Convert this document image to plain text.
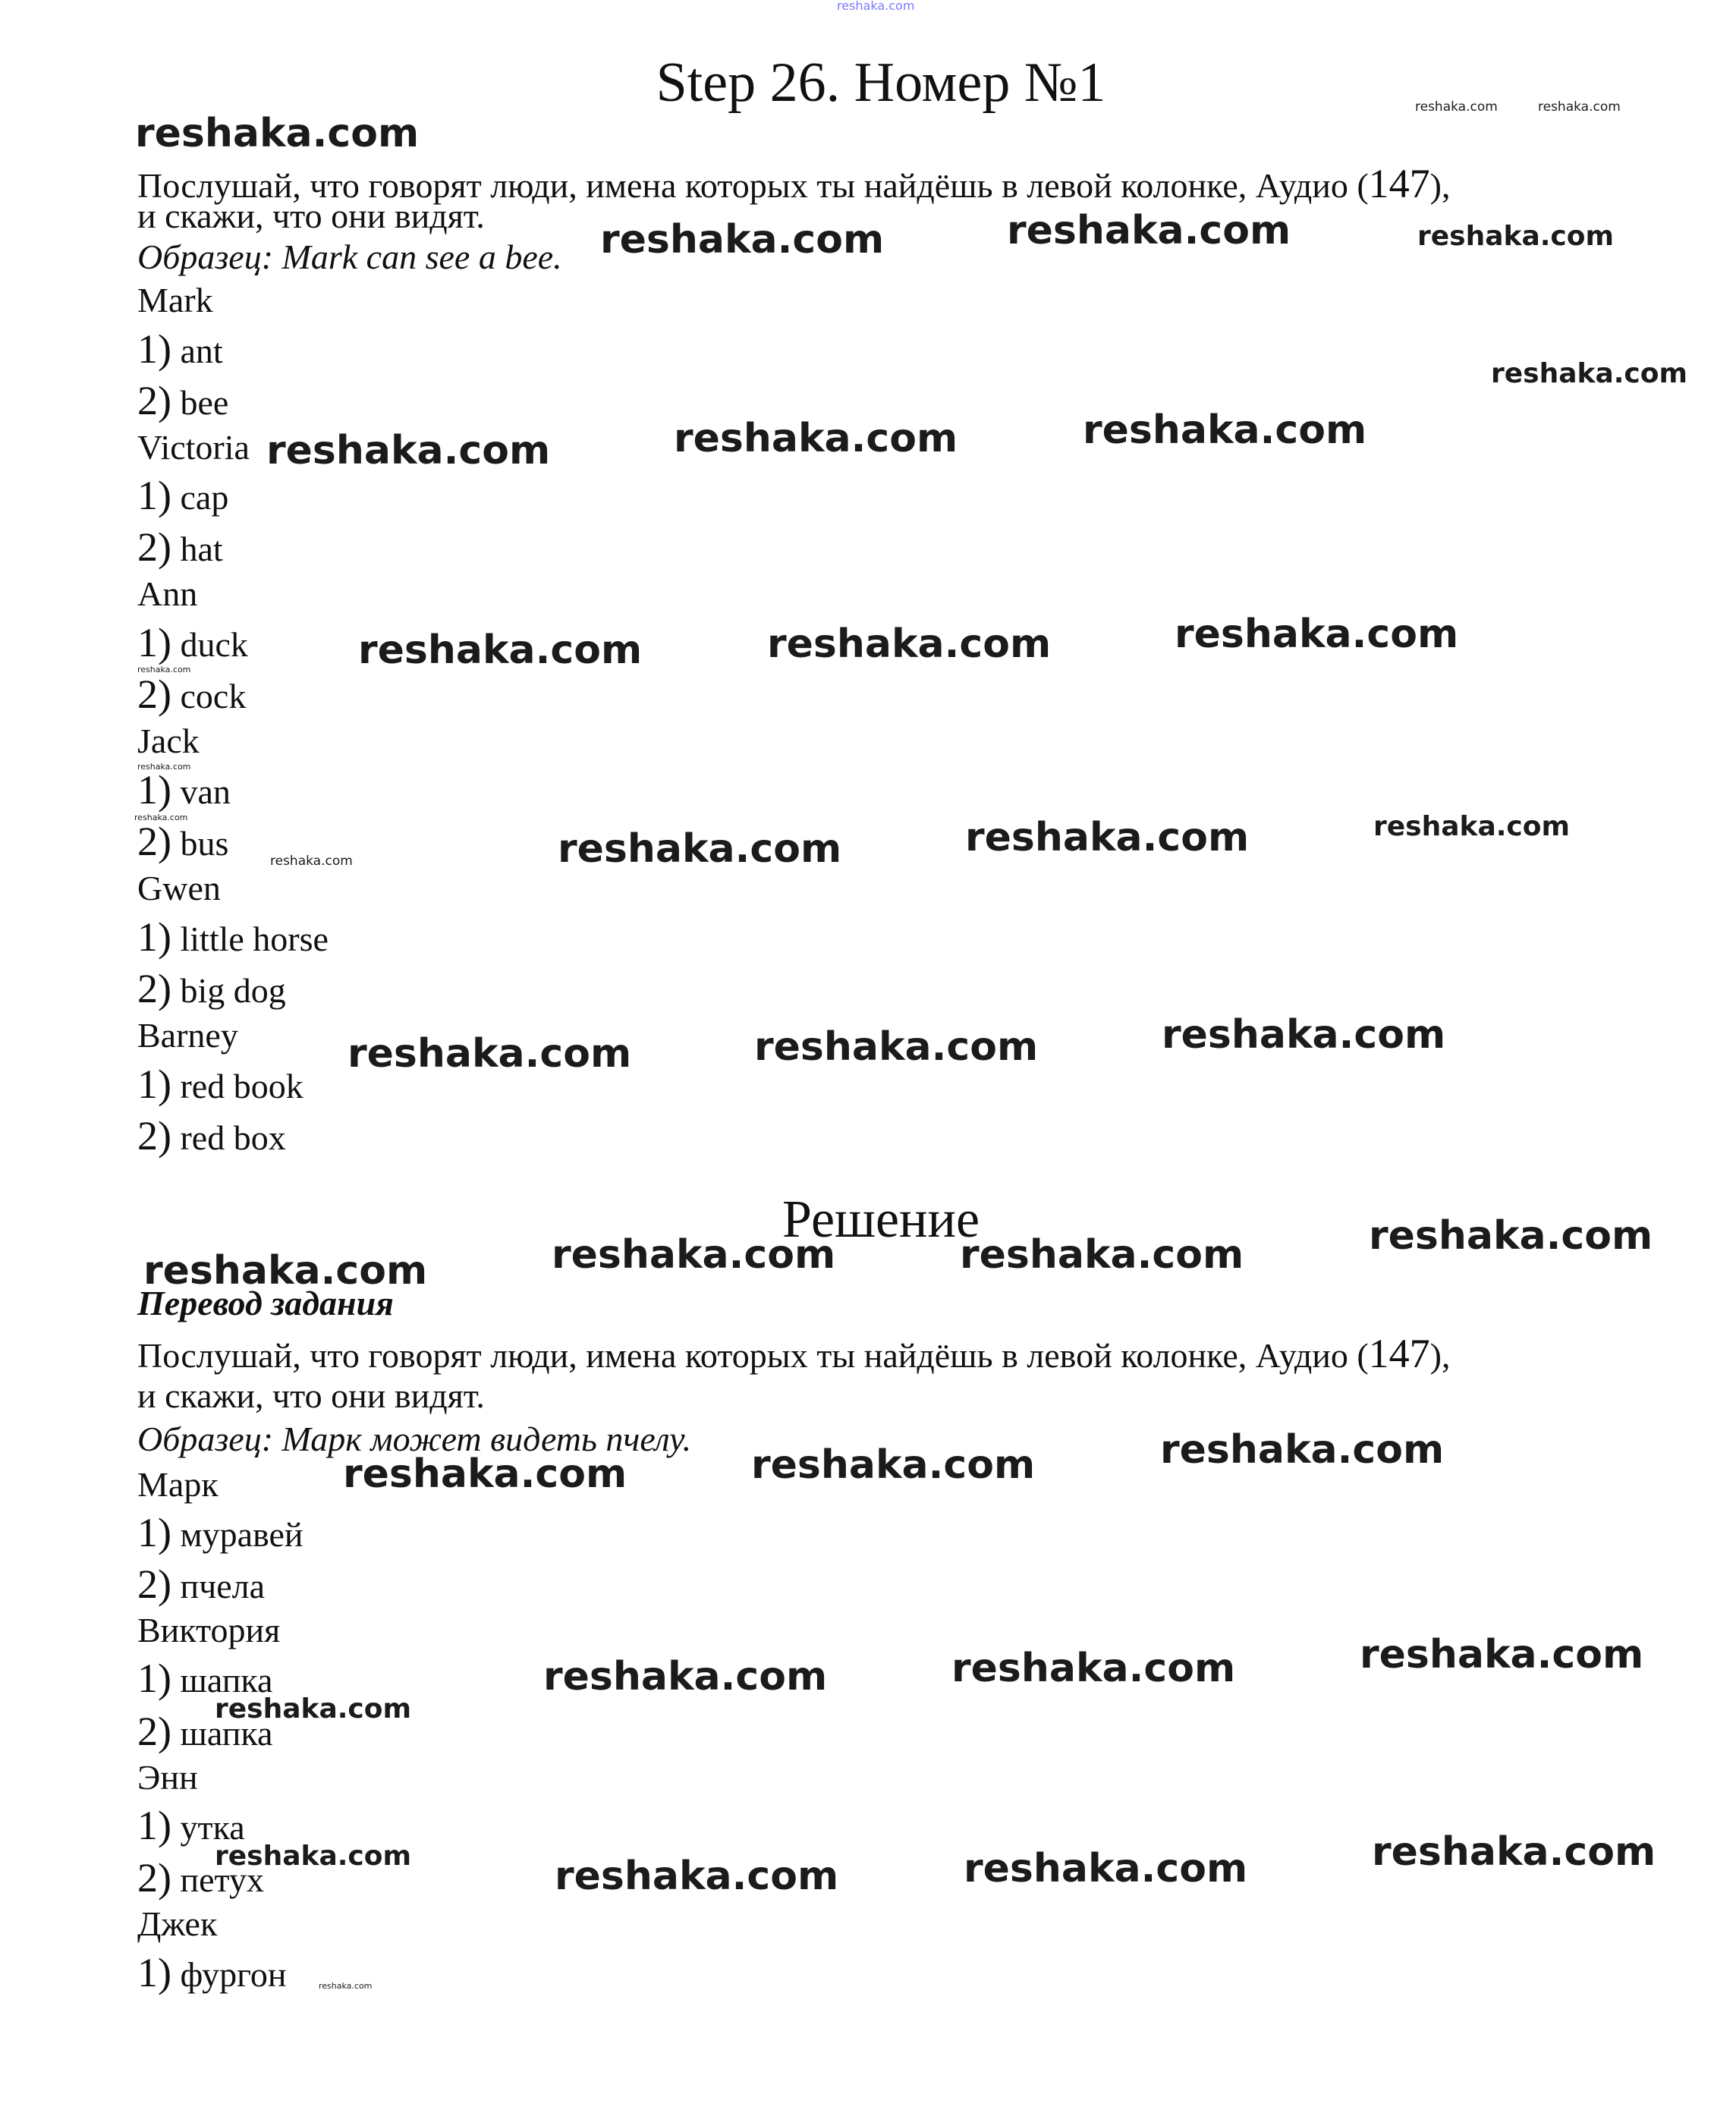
reshaka.com
Step 26. Номер №1
Послушай, что говорят люди, имена которых ты найдёшь в левой колонке, Аудио (147),
и скажи, что они видят.
Образец: Mark can see a bee.
Mark
1) ant
2) bee
Victoria
1) cap
2) hat
Ann
1) duck
2) cock
Jack
1) van
2) bus
Gwen
1) little horse
2) big dog
Barney
1) red book
2) red box
Решение
Перевод задания
Послушай, что говорят люди, имена которых ты найдёшь в левой колонке, Аудио (147),
и скажи, что они видят.
Образец: Марк может видеть пчелу.
Марк
1) муравей
2) пчела
Виктория
1) шапка
2) шапка
Энн
1) утка
2) петух
Джек
1) фургон
reshaka.com
reshaka.com	reshaka.com
reshaka.com	reshaka.com	reshaka.com
reshaka.com
reshaka.com	reshaka.com	reshaka.com
reshaka.com	reshaka.com	reshaka.com
reshaka.com
reshaka.com
reshaka.com	reshaka.com
reshaka.com	reshaka.com	reshaka.com
reshaka.com	reshaka.com	reshaka.com
reshaka.com	reshaka.com	reshaka.com
reshaka.com
reshaka.com	reshaka.com	reshaka.com
reshaka.com
reshaka.com	reshaka.com	reshaka.com
reshaka.com	reshaka.com	reshaka.com	reshaka.com
reshaka.com
